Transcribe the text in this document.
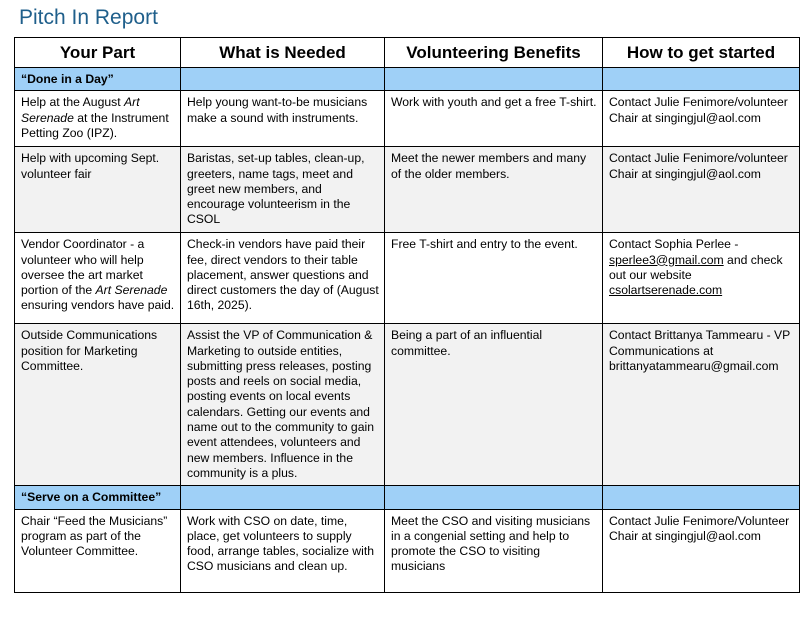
Pitch In Report
Your Part	What is Needed	Volunteering Benefits	How to get started
“Done in a Day”			
Help at the August Art Serenade at the Instrument Petting Zoo (IPZ).	Help young want-to-be musicians make a sound with instruments.	Work with youth and get a free T-shirt.	Contact Julie Fenimore/volunteer Chair at singingjul@aol.com
Help with upcoming Sept. volunteer fair	Baristas, set-up tables, clean-up, greeters, name tags, meet and greet new members, and encourage volunteerism in the CSOL	Meet the newer members and many of the older members.	Contact Julie Fenimore/volunteer Chair at singingjul@aol.com
Vendor Coordinator - a volunteer who will help oversee the art market portion of the Art Serenade ensuring vendors have paid.	Check-in vendors have paid their fee, direct vendors to their table placement, answer questions and direct customers the day of (August 16th, 2025).	Free T-shirt and entry to the event.	Contact Sophia Perlee - sperlee3@gmail.com and check out our website csolartserenade.com
Outside Communications position for Marketing Committee.	Assist the VP of Communication & Marketing to outside entities, submitting press releases, posting posts and reels on social media, posting events on local events calendars. Getting our events and name out to the community to gain event attendees, volunteers and new members. Influence in the community is a plus.	Being a part of an influential committee.	Contact Brittanya Tammearu - VP Communications at brittanyatammearu@gmail.com
“Serve on a Committee”			
Chair “Feed the Musicians” program as part of the Volunteer Committee.	Work with CSO on date, time, place, get volunteers to supply food, arrange tables, socialize with CSO musicians and clean up.	Meet the CSO and visiting musicians in a congenial setting and help to promote the CSO to visiting musicians	Contact Julie Fenimore/Volunteer Chair at singingjul@aol.com
